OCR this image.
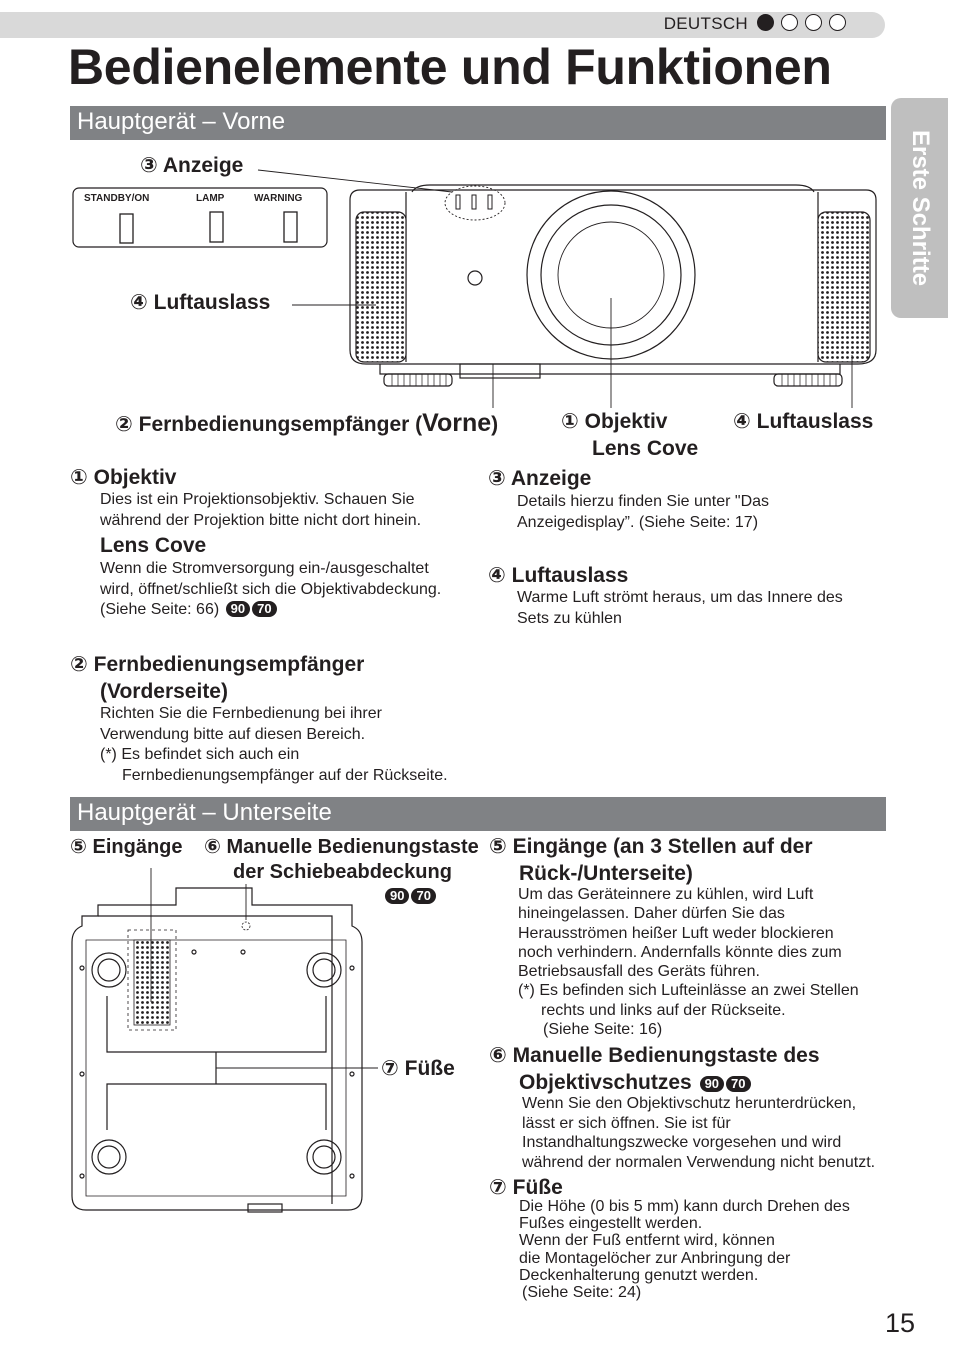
DEUTSCH
Bedienelemente und Funktionen
Erste Schritte
Hauptgerät – Vorne
③ Anzeige
STANDBY/ON	LAMP	WARNING
④ Luftauslass
② Fernbedienungsempfänger (Vorne)	① Objektiv
Lens Cove
④ Luftauslass
① Objektiv
Dies ist ein Projektionsobjektiv. Schauen Sie
während der Projektion bitte nicht dort hinein.
Lens Cove
Wenn die Stromversorgung ein-/ausgeschaltet
wird, öffnet/schließt sich die Objektivabdeckung.
(Siehe Seite: 66) 90 70
② Fernbedienungsempfänger
(Vorderseite)
Richten Sie die Fernbedienung bei ihrer
Verwendung bitte auf diesen Bereich.
(*) Es befindet sich auch ein
Fernbedienungsempfänger auf der Rückseite.
③ Anzeige
Details hierzu finden Sie unter "Das
Anzeigedisplay”. (Siehe Seite: 17)
④ Luftauslass
Warme Luft strömt heraus, um das Innere des
Sets zu kühlen
Hauptgerät – Unterseite
⑤ Eingänge ⑥ Manuelle Bedienungstaste
der Schiebeabdeckung
90 70
⑦ Füße
⑤ Eingänge (an 3 Stellen auf der
Rück-/Unterseite)
Um das Geräteinnere zu kühlen, wird Luft
hineingelassen. Daher dürfen Sie das
Herausströmen heißer Luft weder blockieren
noch verhindern. Andernfalls könnte dies zum
Betriebsausfall des Geräts führen.
(*) Es befinden sich Lufteinlässe an zwei Stellen
rechts und links auf der Rückseite.
(Siehe Seite: 16)
⑥ Manuelle Bedienungstaste des
Objektivschutzes 90 70
Wenn Sie den Objektivschutz herunterdrücken,
lässt er sich öffnen. Sie ist für
Instandhaltungszwecke vorgesehen und wird
während der normalen Verwendung nicht benutzt.
⑦ Füße
Die Höhe (0 bis 5 mm) kann durch Drehen des
Fußes eingestellt werden.
Wenn der Fuß entfernt wird, können
die Montagelöcher zur Anbringung der
Deckenhalterung genutzt werden.
(Siehe Seite: 24)
15
